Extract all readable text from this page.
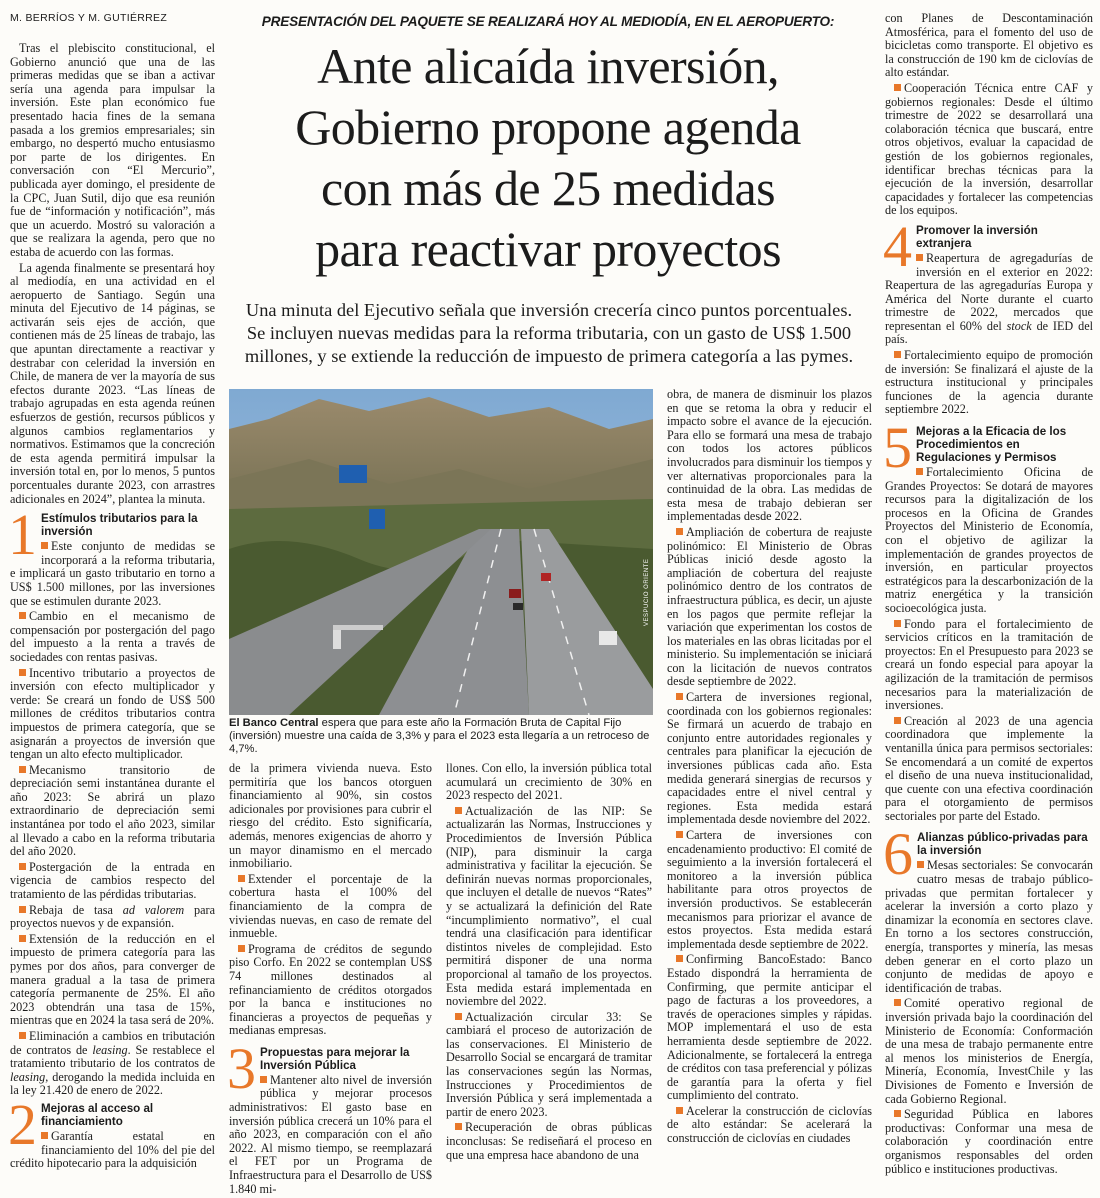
M. BERRÍOS Y M. GUTIÉRREZ	PRESENTACIÓN DEL PAQUETE SE REALIZARÁ HOY AL MEDIODÍA, EN EL AEROPUERTO:
Ante alicaída inversión,
Gobierno propone agenda
con más de 25 medidas
para reactivar proyectos
Una minuta del Ejecutivo señala que inversión crecería cinco puntos porcentuales. Se incluyen nuevas medidas para la reforma tributaria, con un gasto de US$ 1.500 millones, y se extiende la reducción de impuesto de primera categoría a las pymes.

Tras el plebiscito constitucional, el Gobierno anunció que una de las primeras medidas que se iban a activar sería una agenda para impulsar la inversión. Este plan económico fue presentado hacia fines de la semana pasada a los gremios empresariales; sin embargo, no despertó mucho entusiasmo por parte de los dirigentes. En conversación con “El Mercurio”, publicada ayer domingo, el presidente de la CPC, Juan Sutil, dijo que esa reunión fue de “información y notificación”, más que un acuerdo. Mostró su valoración a que se realizara la agenda, pero que no estaba de acuerdo con las formas.

La agenda finalmente se presentará hoy al mediodía, en una actividad en el aeropuerto de Santiago. Según una minuta del Ejecutivo de 14 páginas, se activarán seis ejes de acción, que contienen más de 25 líneas de trabajo, las que apuntan directamente a reactivar y destrabar con celeridad la inversión en Chile, de manera de ver la mayoría de sus efectos durante 2023. “Las líneas de trabajo agrupadas en esta agenda reúnen esfuerzos de gestión, recursos públicos y algunos cambios reglamentarios y normativos. Estimamos que la concreción de esta agenda permitirá impulsar la inversión total en, por lo menos, 5 puntos porcentuales durante 2023, con arrastres adicionales en 2024”, plantea la minuta.

1 Estímulos tributarios para la inversión

Este conjunto de medidas se incorporará a la reforma tributaria, e implicará un gasto tributario en torno a US$ 1.500 millones, por las inversiones que se estimulen durante 2023.

Cambio en el mecanismo de compensación por postergación del pago del impuesto a la renta a través de sociedades con rentas pasivas.

Incentivo tributario a proyectos de inversión con efecto multiplicador y verde: Se creará un fondo de US$ 500 millones de créditos tributarios contra impuestos de primera categoría, que se asignarán a proyectos de inversión que tengan un alto efecto multiplicador.

Mecanismo transitorio de depreciación semi instantánea durante el año 2023: Se abrirá un plazo extraordinario de depreciación semi instantánea por todo el año 2023, similar al llevado a cabo en la reforma tributaria del año 2020.

Postergación de la entrada en vigencia de cambios respecto del tratamiento de las pérdidas tributarias.

Rebaja de tasa ad valorem para proyectos nuevos y de expansión.

Extensión de la reducción en el impuesto de primera categoría para las pymes por dos años, para converger de manera gradual a la tasa de primera categoría permanente de 25%. El año 2023 obtendrán una tasa de 15%, mientras que en 2024 la tasa será de 20%.

Eliminación a cambios en tributación de contratos de leasing. Se restablece el tratamiento tributario de los contratos de leasing, derogando la medida incluida en la ley 21.420 de enero de 2022.

2 Mejoras al acceso al financiamiento

Garantía estatal en financiamiento del 10% del pie del crédito hipotecario para la adquisición

VESPUCIO ORIENTE
El Banco Central espera que para este año la Formación Bruta de Capital Fijo (inversión) muestre una caída de 3,3% y para el 2023 esta llegaría a un retroceso de 4,7%.

de la primera vivienda nueva. Esto permitiría que los bancos otorguen financiamiento al 90%, sin costos adicionales por provisiones para cubrir el riesgo del crédito. Esto significaría, además, menores exigencias de ahorro y un mayor dinamismo en el mercado inmobiliario.

Extender el porcentaje de la cobertura hasta el 100% del financiamiento de la compra de viviendas nuevas, en caso de remate del inmueble.

Programa de créditos de segundo piso Corfo. En 2022 se contemplan US$ 74 millones destinados al refinanciamiento de créditos otorgados por la banca e instituciones no financieras a proyectos de pequeñas y medianas empresas.

3 Propuestas para mejorar la Inversión Pública

Mantener alto nivel de inversión pública y mejorar procesos administrativos: El gasto base en inversión pública crecerá un 10% para el año 2023, en comparación con el año 2022. Al mismo tiempo, se reemplazará el FET por un Programa de Infraestructura para el Desarrollo de US$ 1.840 mi-

llones. Con ello, la inversión pública total acumulará un crecimiento de 30% en 2023 respecto del 2021.

Actualización de las NIP: Se actualizarán las Normas, Instrucciones y Procedimientos de Inversión Pública (NIP), para disminuir la carga administrativa y facilitar la ejecución. Se definirán nuevas normas proporcionales, que incluyen el detalle de nuevos “Rates” y se actualizará la definición del Rate “incumplimiento normativo”, el cual tendrá una clasificación para identificar distintos niveles de complejidad. Esto permitirá disponer de una norma proporcional al tamaño de los proyectos. Esta medida estará implementada en noviembre del 2022.

Actualización circular 33: Se cambiará el proceso de autorización de las conservaciones. El Ministerio de Desarrollo Social se encargará de tramitar las conservaciones según las Normas, Instrucciones y Procedimientos de Inversión Pública y será implementada a partir de enero 2023.

Recuperación de obras públicas inconclusas: Se rediseñará el proceso en que una empresa hace abandono de una

obra, de manera de disminuir los plazos en que se retoma la obra y reducir el impacto sobre el avance de la ejecución. Para ello se formará una mesa de trabajo con todos los actores públicos involucrados para disminuir los tiempos y ver alternativas proporcionales para la continuidad de la obra. Las medidas de esta mesa de trabajo debieran ser implementadas desde 2022.

Ampliación de cobertura de reajuste polinómico: El Ministerio de Obras Públicas inició desde agosto la ampliación de cobertura del reajuste polinómico dentro de los contratos de infraestructura pública, es decir, un ajuste en los pagos que permite reflejar la variación que experimentan los costos de los materiales en las obras licitadas por el ministerio. Su implementación se iniciará con la licitación de nuevos contratos desde septiembre de 2022.

Cartera de inversiones regional, coordinada con los gobiernos regionales: Se firmará un acuerdo de trabajo en conjunto entre autoridades regionales y centrales para planificar la ejecución de inversiones públicas cada año. Esta medida generará sinergias de recursos y capacidades entre el nivel central y regiones. Esta medida estará implementada desde noviembre del 2022.

Cartera de inversiones con encadenamiento productivo: El comité de seguimiento a la inversión fortalecerá el monitoreo a la inversión pública habilitante para otros proyectos de inversión productivos. Se establecerán mecanismos para priorizar el avance de estos proyectos. Esta medida estará implementada desde septiembre de 2022.

Confirming BancoEstado: Banco Estado dispondrá la herramienta de Confirming, que permite anticipar el pago de facturas a los proveedores, a través de operaciones simples y rápidas. MOP implementará el uso de esta herramienta desde septiembre de 2022. Adicionalmente, se fortalecerá la entrega de créditos con tasa preferencial y pólizas de garantía para la oferta y fiel cumplimiento del contrato.

Acelerar la construcción de ciclovías de alto estándar: Se acelerará la construcción de ciclovías en ciudades

con Planes de Descontaminación Atmosférica, para el fomento del uso de bicicletas como transporte. El objetivo es la construcción de 190 km de ciclovías de alto estándar.

Cooperación Técnica entre CAF y gobiernos regionales: Desde el último trimestre de 2022 se desarrollará una colaboración técnica que buscará, entre otros objetivos, evaluar la capacidad de gestión de los gobiernos regionales, identificar brechas técnicas para la ejecución de la inversión, desarrollar capacidades y fortalecer las competencias de los equipos.

4 Promover la inversión extranjera

Reapertura de agregadurías de inversión en el exterior en 2022: Reapertura de las agregadurías Europa y América del Norte durante el cuarto trimestre de 2022, mercados que representan el 60% del stock de IED del país.

Fortalecimiento equipo de promoción de inversión: Se finalizará el ajuste de la estructura institucional y principales funciones de la agencia durante septiembre 2022.

5 Mejoras a la Eficacia de los Procedimientos en Regulaciones y Permisos

Fortalecimiento Oficina de Grandes Proyectos: Se dotará de mayores recursos para la digitalización de los procesos en la Oficina de Grandes Proyectos del Ministerio de Economía, con el objetivo de agilizar la implementación de grandes proyectos de inversión, en particular proyectos estratégicos para la descarbonización de la matriz energética y la transición socioecológica justa.

Fondo para el fortalecimiento de servicios críticos en la tramitación de proyectos: En el Presupuesto para 2023 se creará un fondo especial para apoyar la agilización de la tramitación de permisos necesarios para la materialización de inversiones.

Creación al 2023 de una agencia coordinadora que implemente la ventanilla única para permisos sectoriales: Se encomendará a un comité de expertos el diseño de una nueva institucionalidad, que cuente con una efectiva coordinación para el otorgamiento de permisos sectoriales por parte del Estado.

6 Alianzas público-privadas para la inversión

Mesas sectoriales: Se convocarán cuatro mesas de trabajo público-privadas que permitan fortalecer y acelerar la inversión a corto plazo y dinamizar la economía en sectores clave. En torno a los sectores construcción, energía, transportes y minería, las mesas deben generar en el corto plazo un conjunto de medidas de apoyo e identificación de trabas.

Comité operativo regional de inversión privada bajo la coordinación del Ministerio de Economía: Conformación de una mesa de trabajo permanente entre al menos los ministerios de Energía, Minería, Economía, InvestChile y las Divisiones de Fomento e Inversión de cada Gobierno Regional.

Seguridad Pública en labores productivas: Conformar una mesa de colaboración y coordinación entre organismos responsables del orden público e instituciones productivas.
